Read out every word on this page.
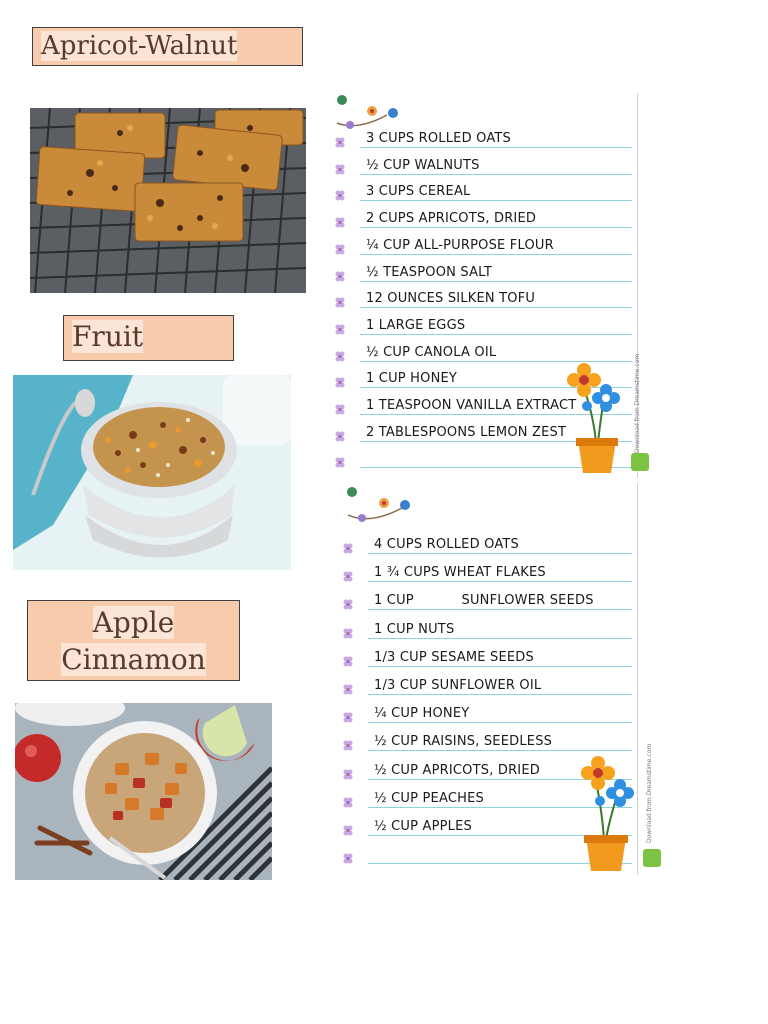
Apricot-Walnut
Fruit
Apple
Cinnamon
3 CUPS ROLLED OATS
½ CUP WALNUTS
3 CUPS CEREAL
2 CUPS APRICOTS, DRIED
¼ CUP ALL-PURPOSE FLOUR
½ TEASPOON SALT
12 OUNCES SILKEN TOFU
1 LARGE EGGS
½ CUP CANOLA OIL
1 CUP HONEY
1 TEASPOON VANILLA EXTRACT
2 TABLESPOONS LEMON ZEST	Download from Dreamstime.com
4 CUPS ROLLED OATS
1 ¾ CUPS WHEAT FLAKES
1 CUP           SUNFLOWER SEEDS
1 CUP NUTS
1/3 CUP SESAME SEEDS
1/3 CUP SUNFLOWER OIL
¼ CUP HONEY
½ CUP RAISINS, SEEDLESS
½ CUP APRICOTS, DRIED
½ CUP PEACHES
½ CUP APPLES	Download from Dreamstime.com
